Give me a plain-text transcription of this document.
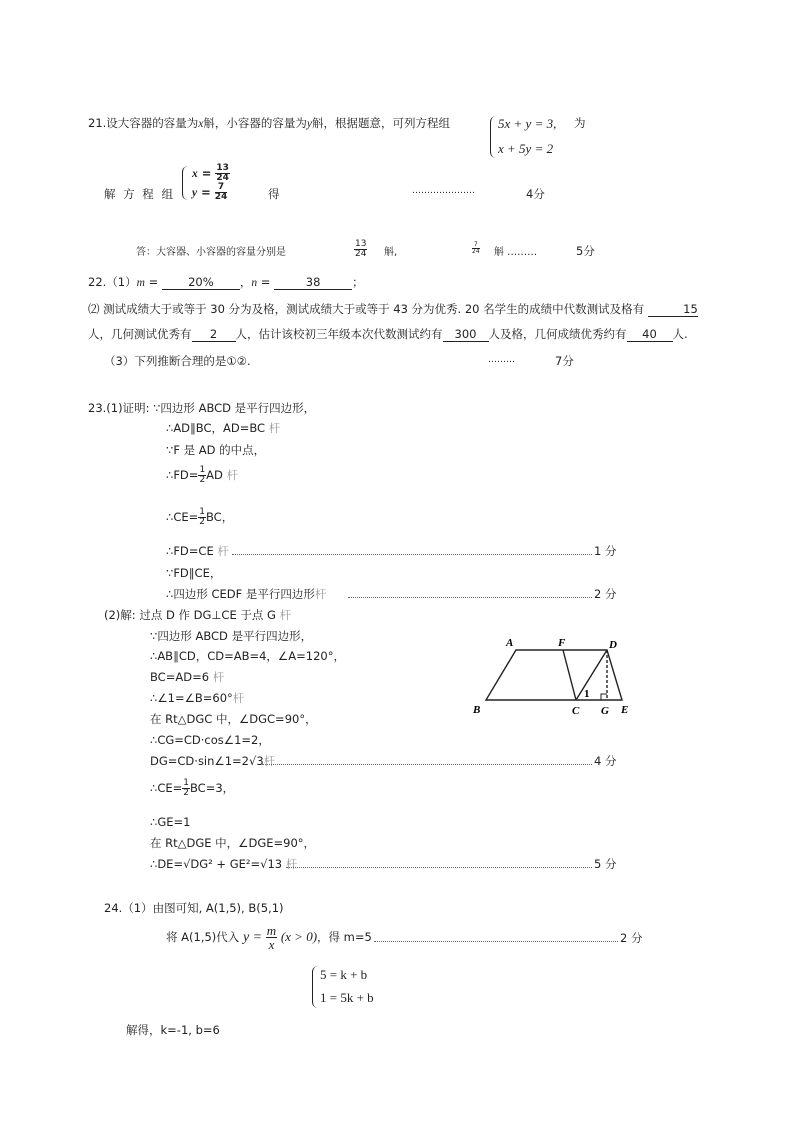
21.设大容器的容量为x斛，小容器的容量为y斛，根据题意，可列方程组	5x + y = 3,
x + 5y = 2
为
解 方 程 组
$x = \frac{13}{24}$
$y = \frac{7}{24}$	得	…………………	4分
答：大容器、小容器的容量分别是	$\frac{13}{24}$ 斛,	$\frac{7}{24}$ 斛 ………	5分
22.（1）m = 20% ，n =	38	；
⑵ 测试成绩大于或等于 30 分为及格，测试成绩大于或等于 43 分为优秀. 20 名学生的成绩中代数测试及格有	15
人，几何测试优秀有 2 人，估计该校初三年级本次代数测试约有 300 人及格，几何成绩优秀约有 40 人.
（3）下列推断合理的是①②.	………	7分
23.(1)证明: ∵四边形 ABCD 是平行四边形，
∴AD∥BC，AD=BC 杆
∵F 是 AD 的中点，
∴FD= $\frac{1}{2}$ AD 杆
∴CE= $\frac{1}{2}$ BC，
∴FD=CE 杆	1 分
∵FD∥CE，
∴四边形 CEDF 是平行四边形杆	2 分
(2)解: 过点 D 作 DG⊥CE 于点 G 杆
∵四边形 ABCD 是平行四边形，
∴AB∥CD，CD=AB=4，∠A=120°，
BC=AD=6 杆
∴∠1=∠B=60°杆
在 Rt△DGC 中，∠DGC=90°，
∴CG=CD·cos∠1=2，
DG=CD·sin∠1=2√3杆	4 分
∴CE= $\frac{1}{2} BC=3$，
∴GE=1
在 Rt△DGE 中，∠DGE=90°，
∴DE=√DG² + GE²=√13 杆	5 分
A	F	D
B	C G E
1
24.（1）由图可知, A(1,5), B(5,1)
将 A(1,5)代入 $y = \frac{m}{x} (x > 0)$，得 m=5	2 分
5 = k + b
1 = 5k + b
解得，k=-1, b=6
